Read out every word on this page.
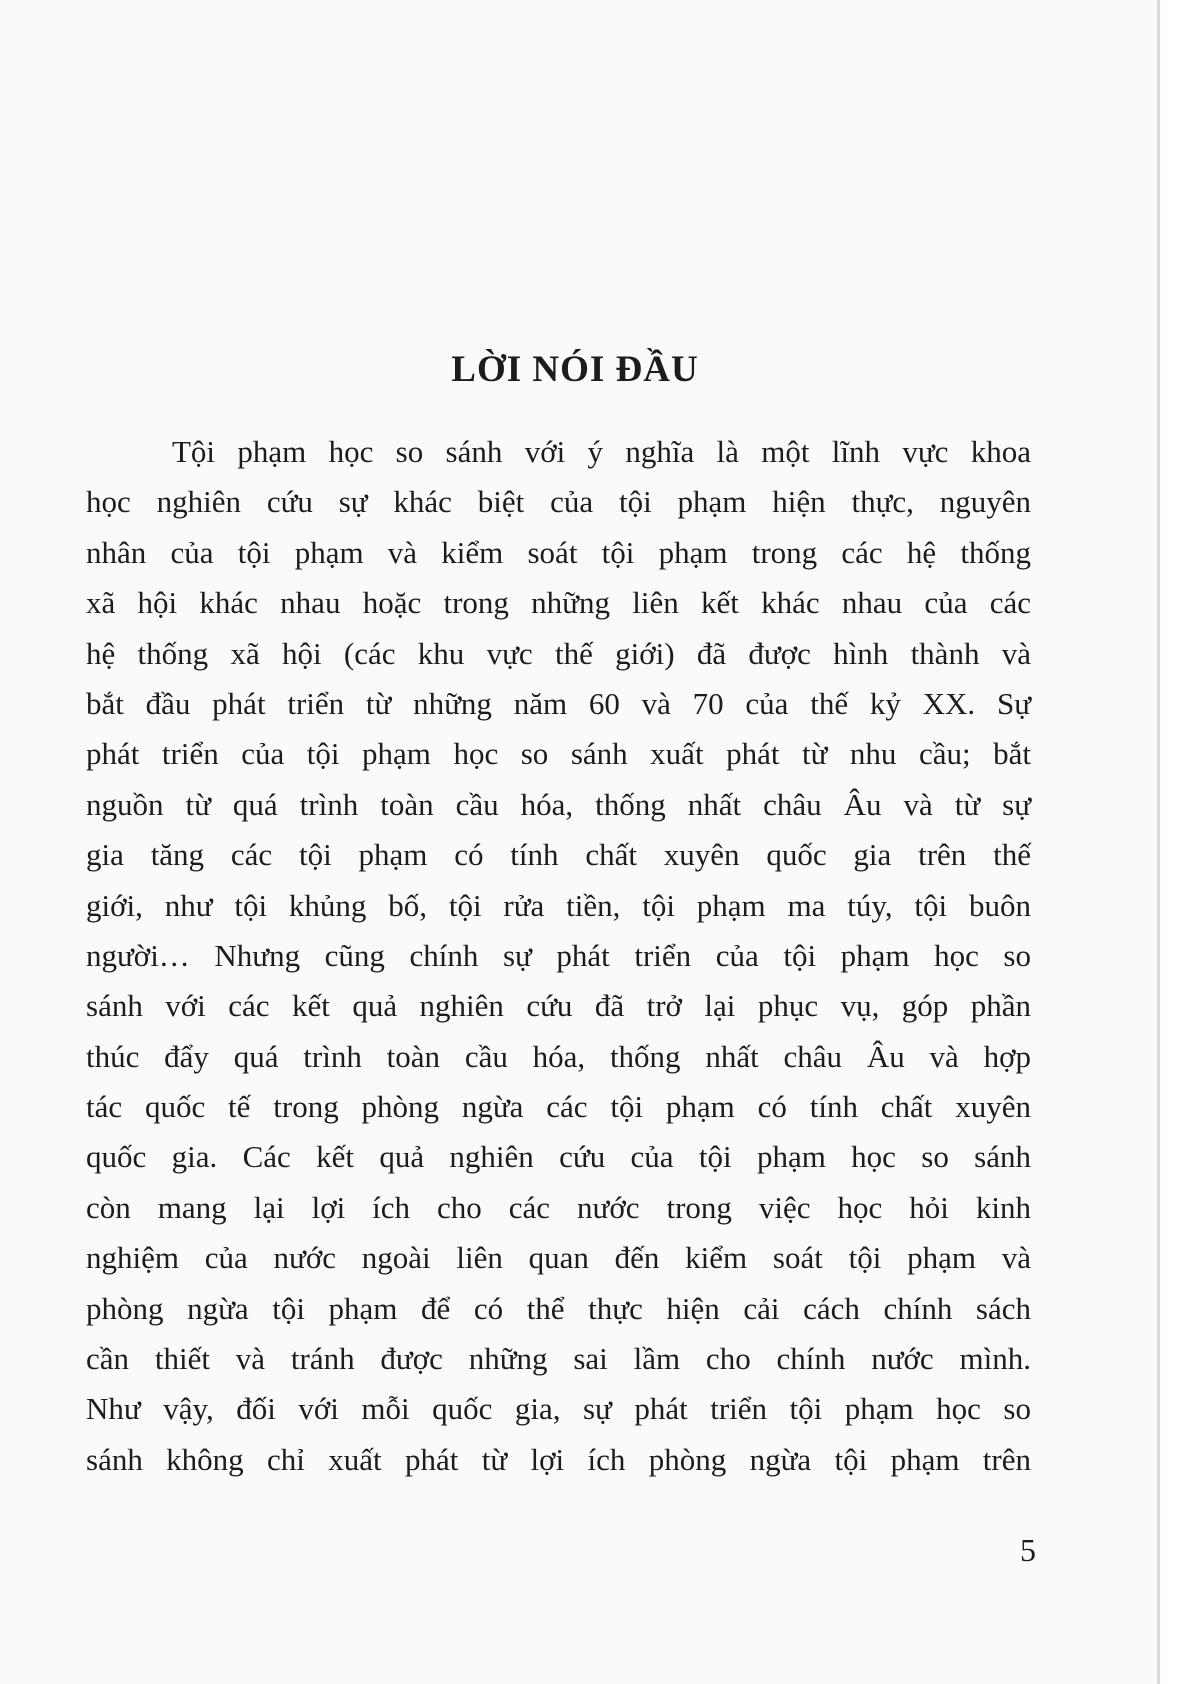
LỜI NÓI ĐẦU
Tội phạm học so sánh với ý nghĩa là một lĩnh vực khoa
học nghiên cứu sự khác biệt của tội phạm hiện thực, nguyên
nhân của tội phạm và kiểm soát tội phạm trong các hệ thống
xã hội khác nhau hoặc trong những liên kết khác nhau của các
hệ thống xã hội (các khu vực thế giới) đã được hình thành và
bắt đầu phát triển từ những năm 60 và 70 của thế kỷ XX. Sự
phát triển của tội phạm học so sánh xuất phát từ nhu cầu; bắt
nguồn từ quá trình toàn cầu hóa, thống nhất châu Âu và từ sự
gia tăng các tội phạm có tính chất xuyên quốc gia trên thế
giới, như tội khủng bố, tội rửa tiền, tội phạm ma túy, tội buôn
người… Nhưng cũng chính sự phát triển của tội phạm học so
sánh với các kết quả nghiên cứu đã trở lại phục vụ, góp phần
thúc đẩy quá trình toàn cầu hóa, thống nhất châu Âu và hợp
tác quốc tế trong phòng ngừa các tội phạm có tính chất xuyên
quốc gia. Các kết quả nghiên cứu của tội phạm học so sánh
còn mang lại lợi ích cho các nước trong việc học hỏi kinh
nghiệm của nước ngoài liên quan đến kiểm soát tội phạm và
phòng ngừa tội phạm để có thể thực hiện cải cách chính sách
cần thiết và tránh được những sai lầm cho chính nước mình.
Như vậy, đối với mỗi quốc gia, sự phát triển tội phạm học so
sánh không chỉ xuất phát từ lợi ích phòng ngừa tội phạm trên
5
